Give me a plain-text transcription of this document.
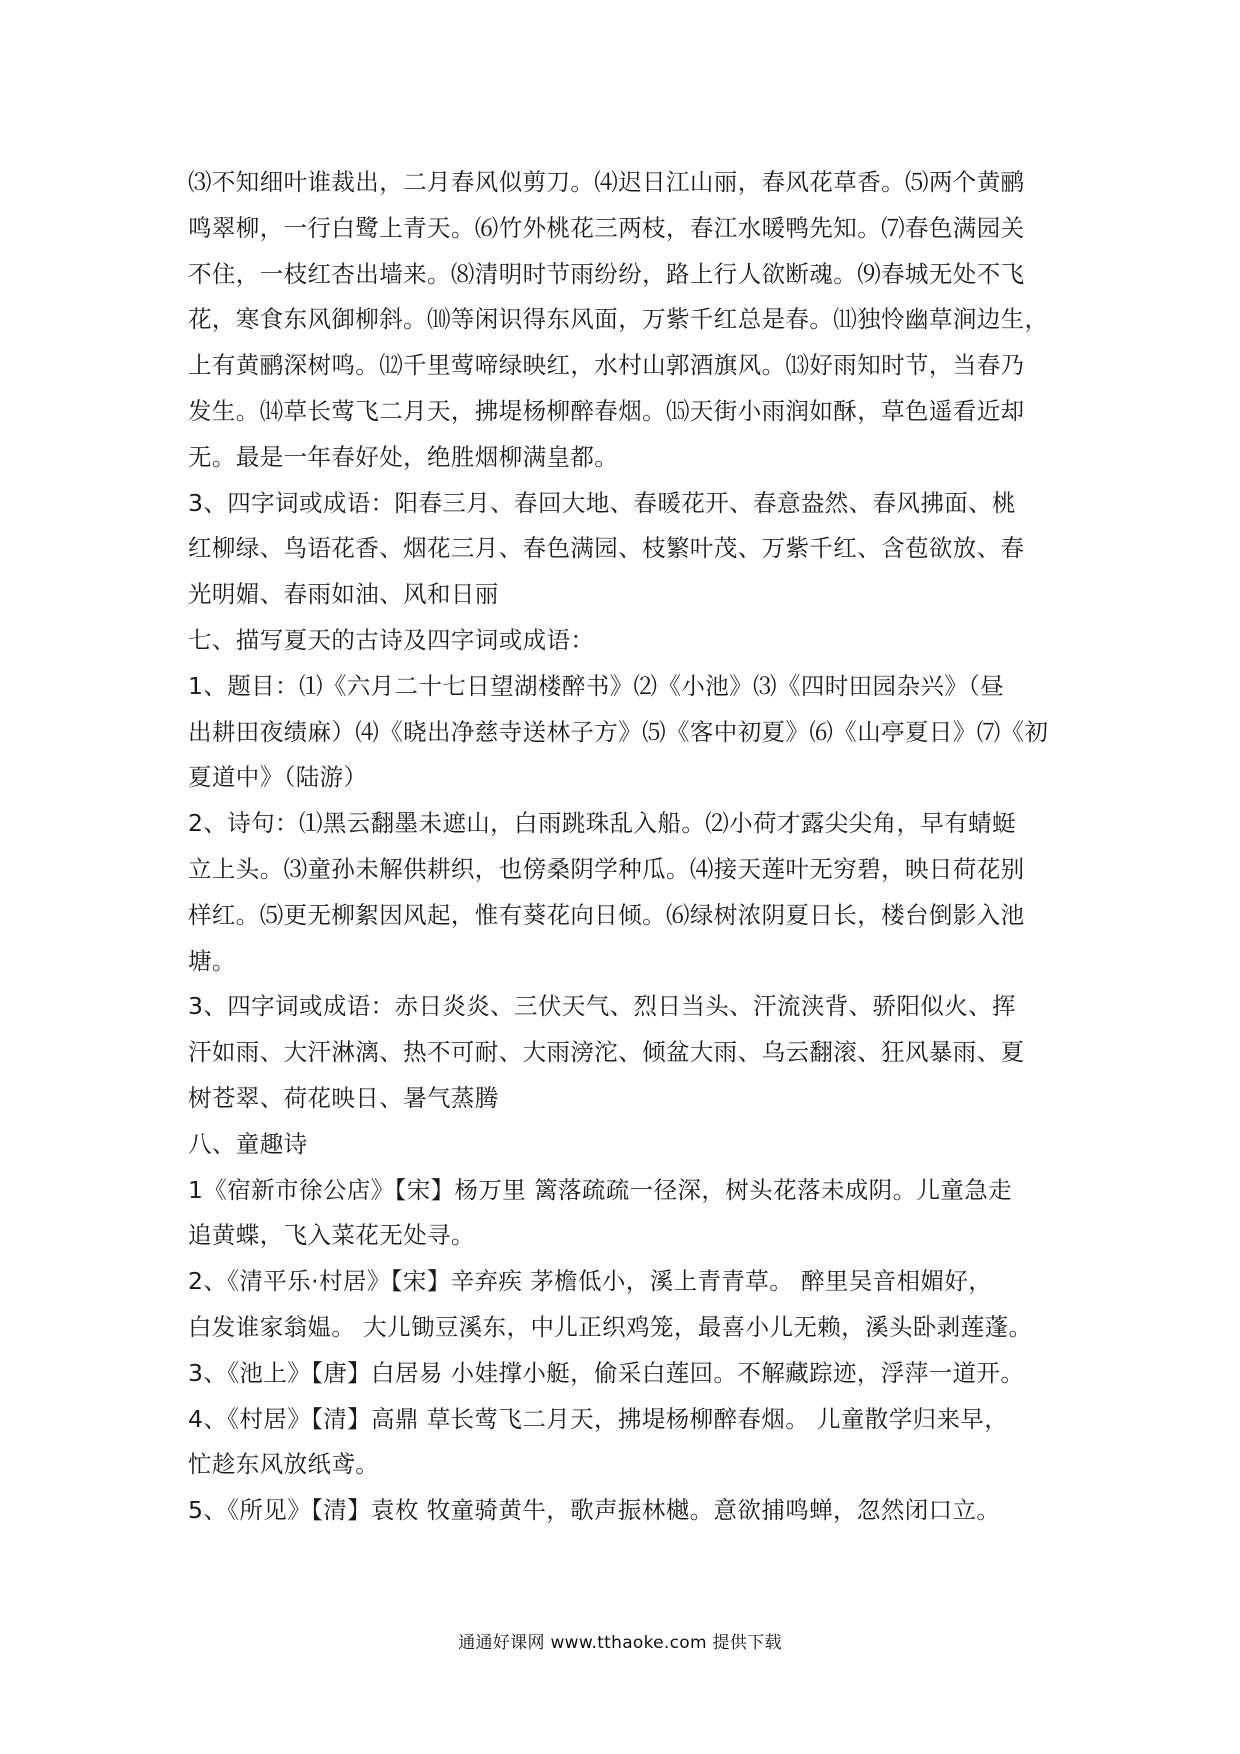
⑶不知细叶谁裁出，二月春风似剪刀。⑷迟日江山丽，春风花草香。⑸两个黄鹂
鸣翠柳，一行白鹭上青天。⑹竹外桃花三两枝，春江水暖鸭先知。⑺春色满园关
不住，一枝红杏出墙来。⑻清明时节雨纷纷，路上行人欲断魂。⑼春城无处不飞
花，寒食东风御柳斜。⑽等闲识得东风面，万紫千红总是春。⑾独怜幽草涧边生，
上有黄鹂深树鸣。⑿千里莺啼绿映红，水村山郭酒旗风。⒀好雨知时节，当春乃
发生。⒁草长莺飞二月天，拂堤杨柳醉春烟。⒂天街小雨润如酥，草色遥看近却
无。最是一年春好处，绝胜烟柳满皇都。
3、四字词或成语：阳春三月、春回大地、春暖花开、春意盎然、春风拂面、桃
红柳绿、鸟语花香、烟花三月、春色满园、枝繁叶茂、万紫千红、含苞欲放、春
光明媚、春雨如油、风和日丽
七、描写夏天的古诗及四字词或成语：
1、题目：⑴《六月二十七日望湖楼醉书》⑵《小池》⑶《四时田园杂兴》（昼
出耕田夜绩麻）⑷《晓出净慈寺送林子方》⑸《客中初夏》⑹《山亭夏日》⑺《初
夏道中》（陆游）
2、诗句：⑴黑云翻墨未遮山，白雨跳珠乱入船。⑵小荷才露尖尖角，早有蜻蜓
立上头。⑶童孙未解供耕织，也傍桑阴学种瓜。⑷接天莲叶无穷碧，映日荷花别
样红。⑸更无柳絮因风起，惟有葵花向日倾。⑹绿树浓阴夏日长，楼台倒影入池
塘。
3、四字词或成语：赤日炎炎、三伏天气、烈日当头、汗流浃背、骄阳似火、挥
汗如雨、大汗淋漓、热不可耐、大雨滂沱、倾盆大雨、乌云翻滚、狂风暴雨、夏
树苍翠、荷花映日、暑气蒸腾
八、童趣诗
1《宿新市徐公店》【宋】杨万里 篱落疏疏一径深，树头花落未成阴。儿童急走
追黄蝶，飞入菜花无处寻。
2、《清平乐·村居》【宋】辛弃疾 茅檐低小，溪上青青草。 醉里吴音相媚好，
白发谁家翁媪。 大儿锄豆溪东，中儿正织鸡笼，最喜小儿无赖，溪头卧剥莲蓬。
3、《池上》【唐】白居易 小娃撑小艇，偷采白莲回。不解藏踪迹，浮萍一道开。
4、《村居》【清】高鼎 草长莺飞二月天，拂堤杨柳醉春烟。 儿童散学归来早，
忙趁东风放纸鸢。
5、《所见》【清】袁枚 牧童骑黄牛，歌声振林樾。意欲捕鸣蝉，忽然闭口立。
通通好课网 www.tthaoke.com 提供下载
